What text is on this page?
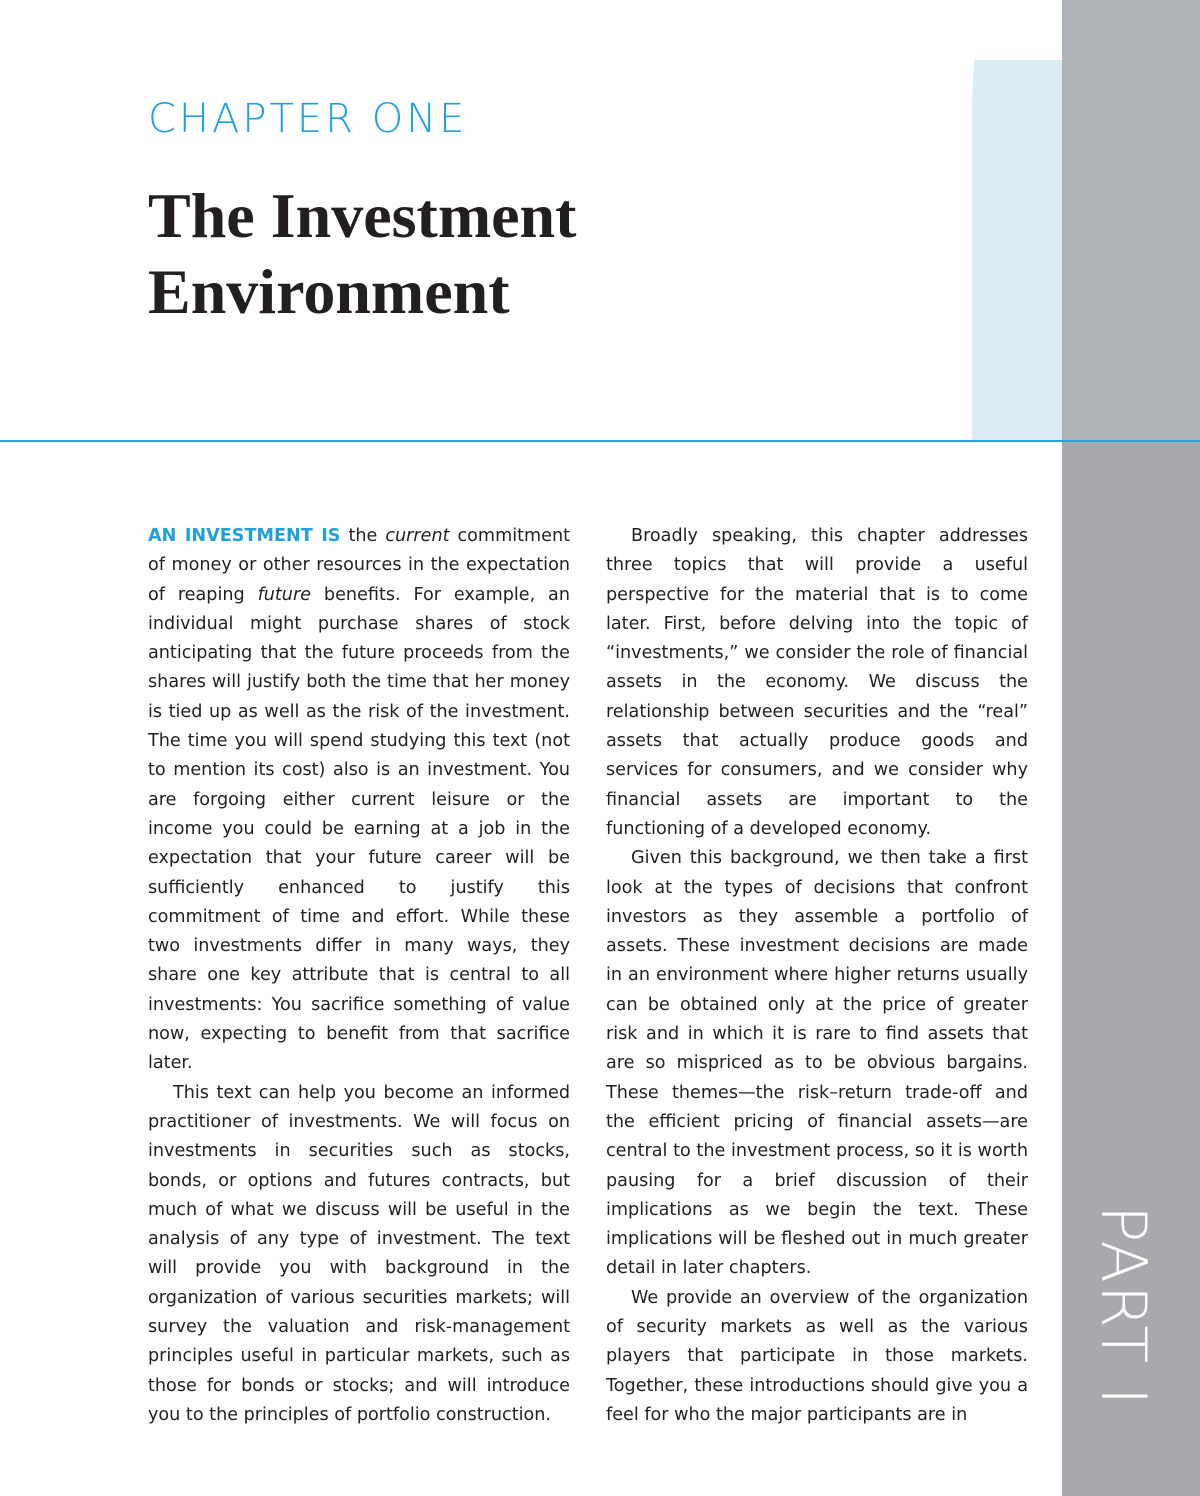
CHAPTER ONE
The Investment
Environment
PART I

AN INVESTMENT IS the current commitment of money or other resources in the expectation of reaping future benefits. For example, an individual might purchase shares of stock anticipating that the future proceeds from the shares will justify both the time that her money is tied up as well as the risk of the investment. The time you will spend studying this text (not to mention its cost) also is an investment. You are forgoing either current leisure or the income you could be earning at a job in the expectation that your future career will be sufficiently enhanced to justify this commitment of time and effort. While these two investments differ in many ways, they share one key attribute that is central to all investments: You sacrifice something of value now, expecting to benefit from that sacrifice later.

This text can help you become an informed practitioner of investments. We will focus on investments in securities such as stocks, bonds, or options and futures contracts, but much of what we discuss will be useful in the analysis of any type of investment. The text will provide you with background in the organization of various securities markets; will survey the valuation and risk-management principles useful in particular markets, such as those for bonds or stocks; and will introduce you to the principles of portfolio construction.

Broadly speaking, this chapter addresses three topics that will provide a useful perspective for the material that is to come later. First, before delving into the topic of “investments,” we consider the role of financial assets in the economy. We discuss the relationship between securities and the “real” assets that actually produce goods and services for consumers, and we consider why financial assets are important to the functioning of a developed economy.

Given this background, we then take a first look at the types of decisions that confront investors as they assemble a portfolio of assets. These investment decisions are made in an environment where higher returns usually can be obtained only at the price of greater risk and in which it is rare to find assets that are so mispriced as to be obvious bargains. These themes—the risk–return trade-off and the efficient pricing of financial assets—are central to the investment process, so it is worth pausing for a brief discussion of their implications as we begin the text. These implications will be fleshed out in much greater detail in later chapters.

We provide an overview of the organization of security markets as well as the various players that participate in those markets. Together, these introductions should give you a feel for who the major participants are in
